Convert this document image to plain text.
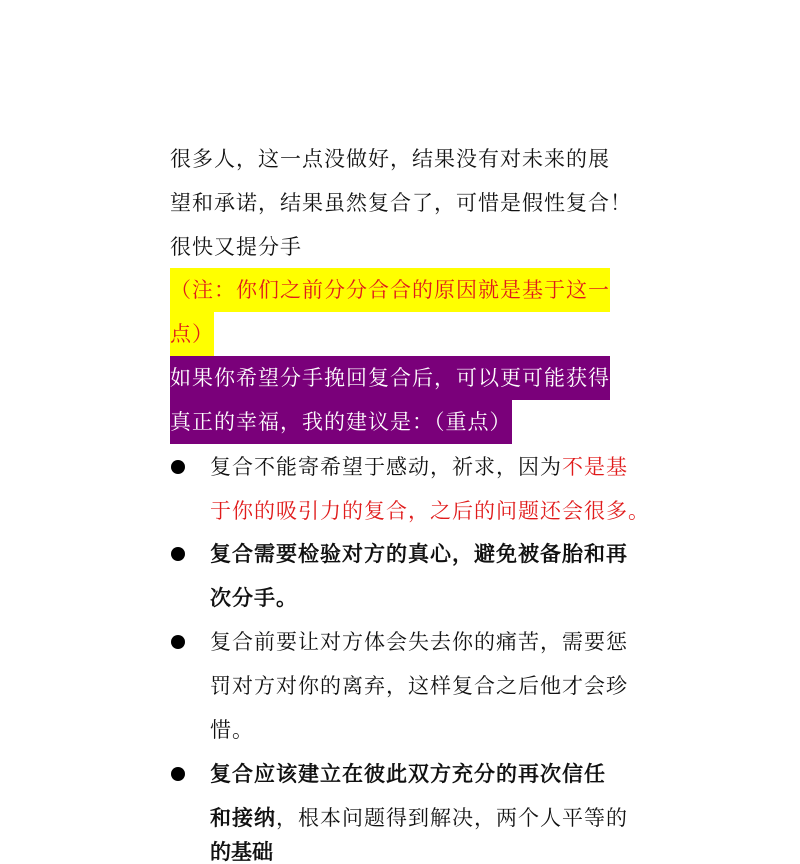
很多人，这一点没做好，结果没有对未来的展
望和承诺，结果虽然复合了，可惜是假性复合！
很快又提分手
（注：你们之前分分合合的原因就是基于这一
点）
如果你希望分手挽回复合后，可以更可能获得
真正的幸福，我的建议是：（重点）
复合不能寄希望于感动，祈求，因为不是基
于你的吸引力的复合，之后的问题还会很多。
复合需要检验对方的真心，避免被备胎和再
次分手。
复合前要让对方体会失去你的痛苦，需要惩
罚对方对你的离弃，这样复合之后他才会珍
惜。
复合应该建立在彼此双方充分的再次信任
和接纳，根本问题得到解决，两个人平等的
的基础
